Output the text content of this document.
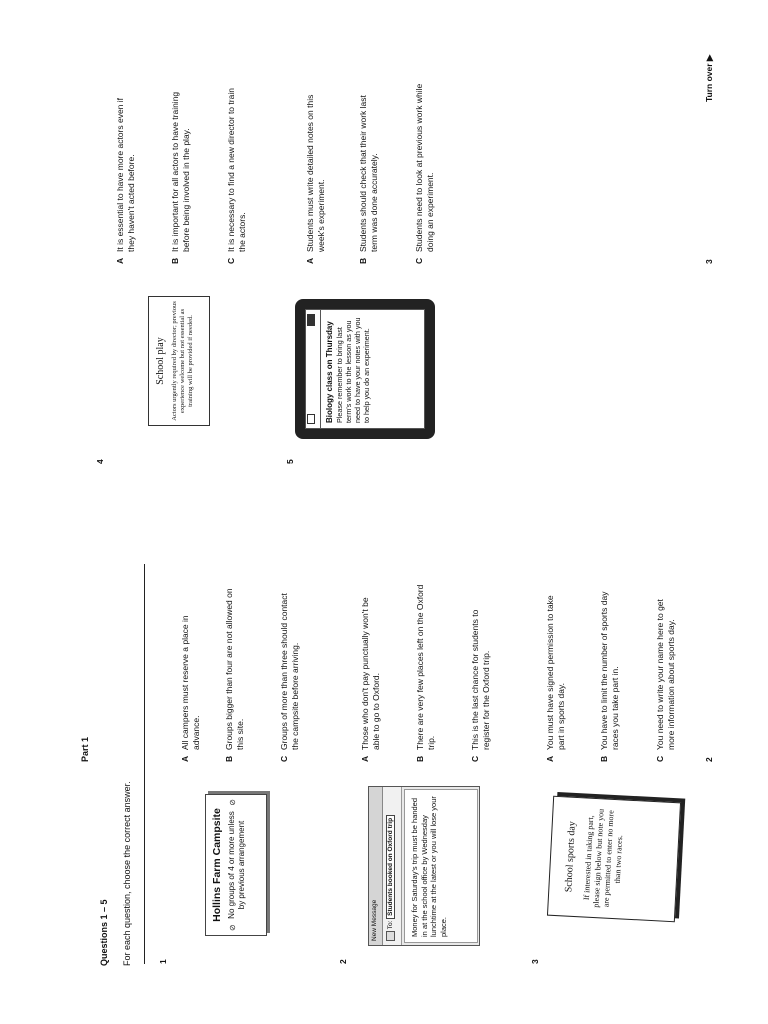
Part 1
Questions 1 – 5 For each question, choose the correct answer.	1
⊘
⊘
Hollins Farm Campsite No groups of 4 or more unless by previous arrangement
AAll campers must reserve a place in advance.
BGroups bigger than four are not allowed on this site.
CGroups of more than three should contact the campsite before arriving.
2
New Message	To: Students booked on Oxford trip	Money for Saturday's trip must be handed in at the school office by Wednesday lunchtime at the latest or you will lose your place.
AThose who don't pay punctually won't be able to go to Oxford.
BThere are very few places left on the Oxford trip.
CThis is the last chance for students to register for the Oxford trip.
3
School sports day If interested in taking part, please sign below but note you are permitted to enter no more than two races.
AYou must have signed permission to take part in sports day.
BYou have to limit the number of sports day races you take part in.
CYou need to write your name here to get more information about sports day.
2
4
School play Actors urgently required by director; previous experience welcome but not essential as training will be provided if needed.
AIt is essential to have more actors even if they haven't acted before.
BIt is important for all actors to have training before being involved in the play.
CIt is necessary to find a new director to train the actors.
5
Biology class on Thursday Please remember to bring last term's work to the lesson as you need to have your notes with you to help you do an experiment.
AStudents must write detailed notes on this week's experiment.
BStudents should check that their work last term was done accurately.
CStudents need to look at previous work while doing an experiment.
3
Turn over ▶
